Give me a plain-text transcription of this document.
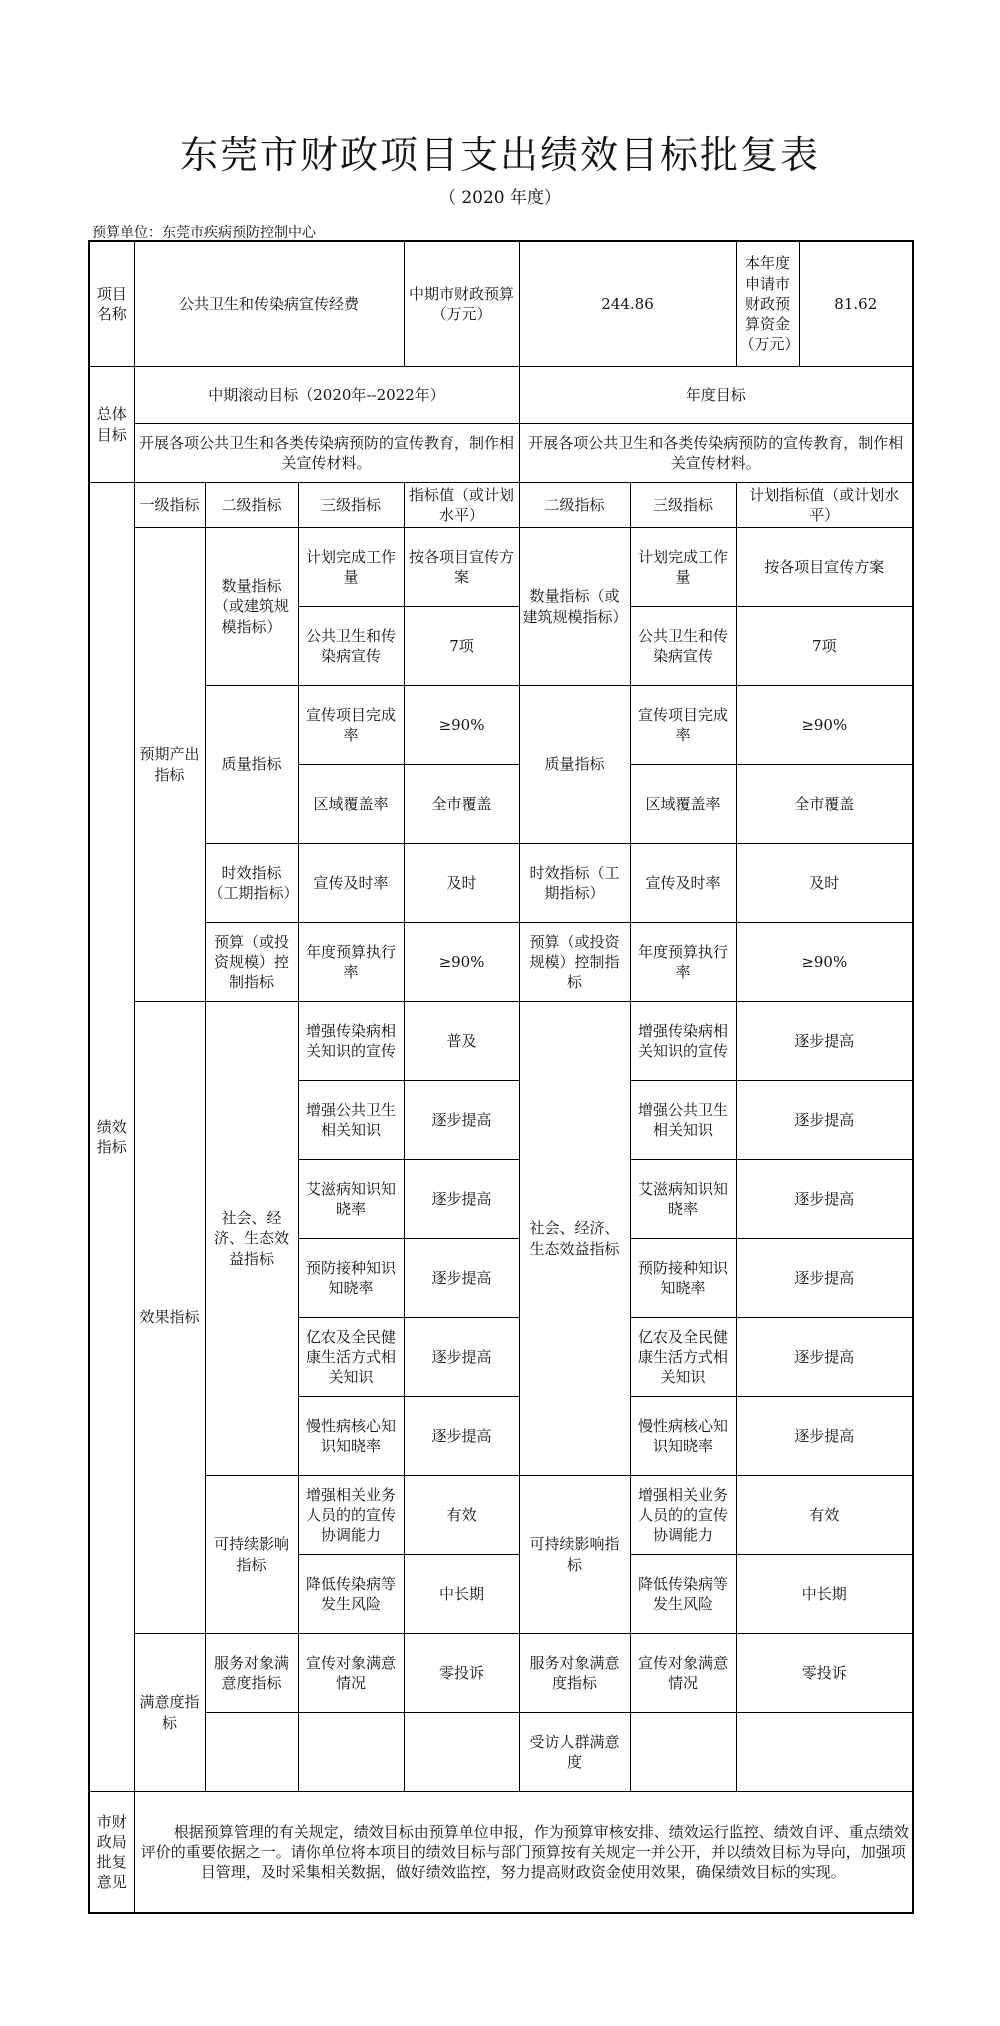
东莞市财政项目支出绩效目标批复表
（ 2020 年度）
预算单位：东莞市疾病预防控制中心
项目名称	公共卫生和传染病宣传经费			中期市财政预算（万元）	244.86		本年度申请市财政预算资金（万元）	81.62
总体目标	中期滚动目标（2020年--2022年）				年度目标			
	开展各项公共卫生和各类传染病预防的宣传教育，制作相关宣传材料。				开展各项公共卫生和各类传染病预防的宣传教育，制作相关宣传材料。			
绩效指标	一级指标	二级指标	三级指标	指标值（或计划水平）	二级指标	三级指标	计划指标值（或计划水平）	
	预期产出指标	数量指标（或建筑规模指标）	计划完成工作量	按各项目宣传方案	数量指标（或建筑规模指标）	计划完成工作量	按各项目宣传方案	
			公共卫生和传染病宣传	7项		公共卫生和传染病宣传	7项	
		质量指标	宣传项目完成率	≥90%	质量指标	宣传项目完成率	≥90%	
			区域覆盖率	全市覆盖		区域覆盖率	全市覆盖	
		时效指标（工期指标）	宣传及时率	及时	时效指标（工期指标）	宣传及时率	及时	
		预算（或投资规模）控制指标	年度预算执行率	≥90%	预算（或投资规模）控制指标	年度预算执行率	≥90%	
	效果指标	社会、经济、生态效益指标	增强传染病相关知识的宣传	普及	社会、经济、生态效益指标	增强传染病相关知识的宣传	逐步提高	
			增强公共卫生相关知识	逐步提高		增强公共卫生相关知识	逐步提高	
			艾滋病知识知晓率	逐步提高		艾滋病知识知晓率	逐步提高	
			预防接种知识知晓率	逐步提高		预防接种知识知晓率	逐步提高	
			亿农及全民健康生活方式相关知识	逐步提高		亿农及全民健康生活方式相关知识	逐步提高	
			慢性病核心知识知晓率	逐步提高		慢性病核心知识知晓率	逐步提高	
		可持续影响指标	增强相关业务人员的的宣传协调能力	有效	可持续影响指标	增强相关业务人员的的宣传协调能力	有效	
			降低传染病等发生风险	中长期		降低传染病等发生风险	中长期	
	满意度指标	服务对象满意度指标	宣传对象满意情况	零投诉	服务对象满意度指标	宣传对象满意情况	零投诉	
					受访人群满意度			
市财政局批复意见	根据预算管理的有关规定，绩效目标由预算单位申报，作为预算审核安排、绩效运行监控、绩效自评、重点绩效评价的重要依据之一。请你单位将本项目的绩效目标与部门预算按有关规定一并公开，并以绩效目标为导向，加强项目管理，及时采集相关数据，做好绩效监控，努力提高财政资金使用效果，确保绩效目标的实现。							
